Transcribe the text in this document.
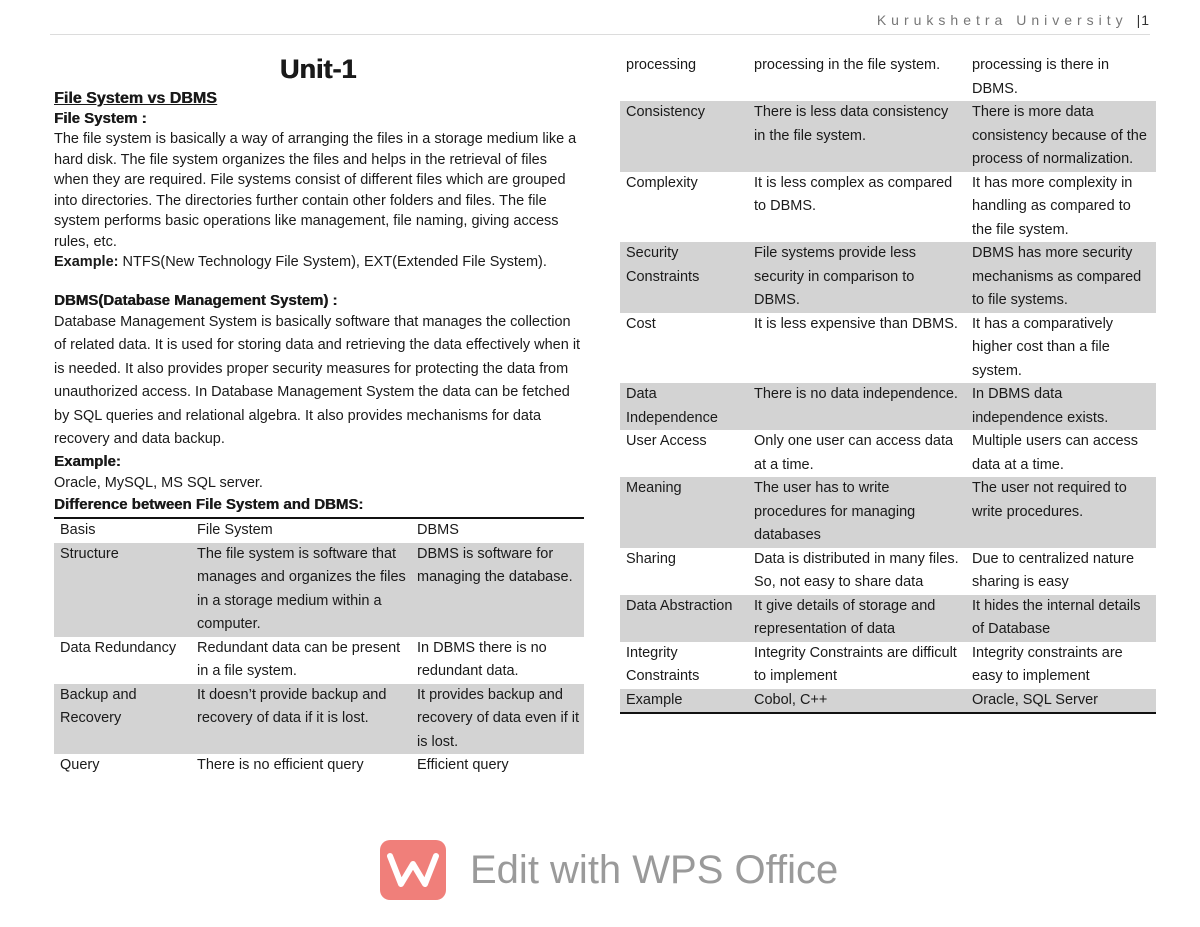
Kurukshetra University |1
Unit-1
File System vs DBMS
File System :

The file system is basically a way of arranging the files in a storage medium like a hard disk. The file system organizes the files and helps in the retrieval of files when they are required. File systems consist of different files which are grouped into directories. The directories further contain other folders and files. The file system performs basic operations like management, file naming, giving access rules, etc.

Example: NTFS(New Technology File System), EXT(Extended File System).

DBMS(Database Management System) :

Database Management System is basically software that manages the collection of related data. It is used for storing data and retrieving the data effectively when it is needed. It also provides proper security measures for protecting the data from unauthorized access. In Database Management System the data can be fetched by SQL queries and relational algebra. It also provides mechanisms for data recovery and data backup.

Example:

Oracle, MySQL, MS SQL server.

Difference between File System and DBMS:
Basis	File System	DBMS
Structure	The file system is software that manages and organizes the files in a storage medium within a computer.	DBMS is software for managing the database.
Data Redundancy	Redundant data can be present in a file system.	In DBMS there is no redundant data.
Backup and Recovery	It doesn’t provide backup and recovery of data if it is lost.	It provides backup and recovery of data even if it is lost.
Query	There is no efficient query	Efficient query
processing	processing in the file system.	processing is there in DBMS.
Consistency	There is less data consistency in the file system.	There is more data consistency because of the process of normalization.
Complexity	It is less complex as compared to DBMS.	It has more complexity in handling as compared to the file system.
Security Constraints	File systems provide less security in comparison to DBMS.	DBMS has more security mechanisms as compared to file systems.
Cost	It is less expensive than DBMS.	It has a comparatively higher cost than a file system.
Data Independence	There is no data independence.	In DBMS data independence exists.
User Access	Only one user can access data at a time.	Multiple users can access data at a time.
Meaning	The user has to write procedures for managing databases	The user not required to write procedures.
Sharing	Data is distributed in many files. So, not easy to share data	Due to centralized nature sharing is easy
Data Abstraction	It give details of storage and representation of data	It hides the internal details of Database
Integrity Constraints	Integrity Constraints are difficult to implement	Integrity constraints are easy to implement
Example	Cobol, C++	Oracle, SQL Server
Edit with WPS Office
